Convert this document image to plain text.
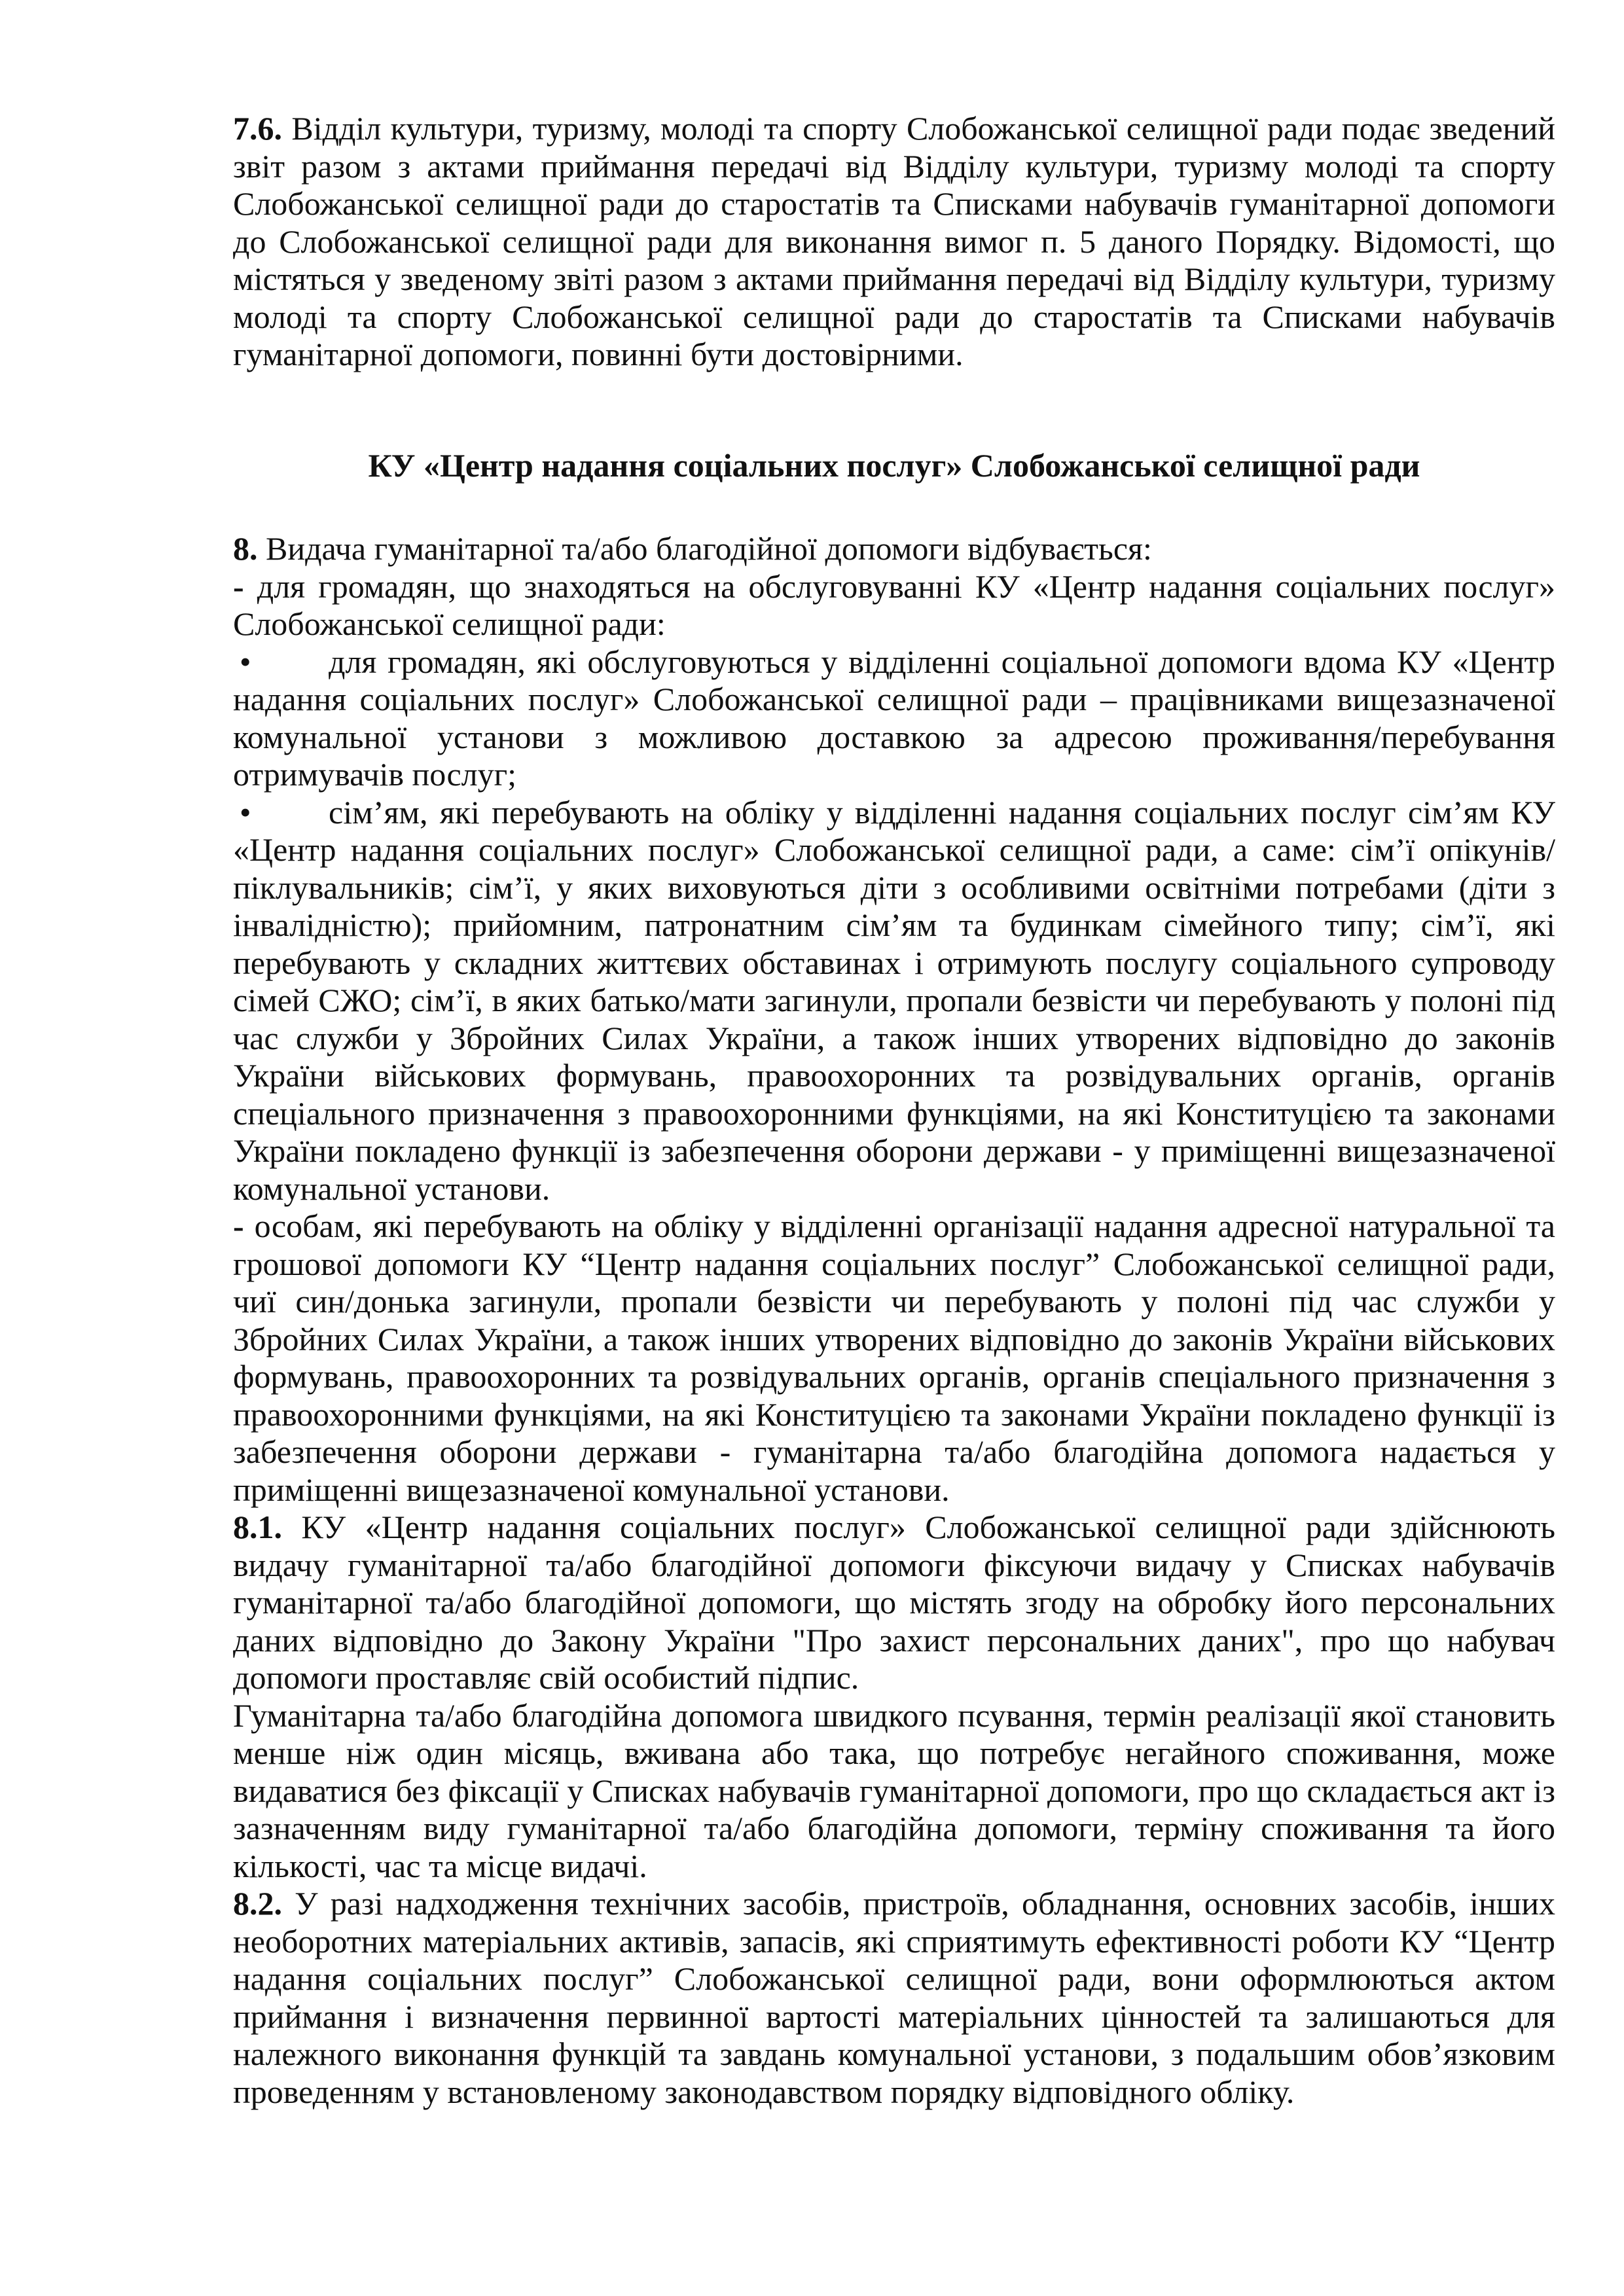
7.6. Відділ культури, туризму, молоді та спорту Слобожанської селищної ради подає зведений звіт разом з актами приймання передачі від Відділу культури, туризму молоді та спорту Слобожанської селищної ради до старостатів та Списками набувачів гуманітарної допомоги до Слобожанської селищної ради для виконання вимог п. 5 даного Порядку. Відомості, що містяться у зведеному звіті разом з актами приймання передачі від Відділу культури, туризму молоді та спорту Слобожанської селищної ради до старостатів та Списками набувачів гуманітарної допомоги, повинні бути достовірними.

КУ «Центр надання соціальних послуг» Слобожанської селищної ради

8. Видача гуманітарної та/або благодійної допомоги відбувається:

- для громадян, що знаходяться на обслуговуванні КУ «Центр надання соціальних послуг» Слобожанської селищної ради:

• для громадян, які обслуговуються у відділенні соціальної допомоги вдома КУ «Центр надання соціальних послуг» Слобожанської селищної ради – працівниками вищезазначеної комунальної установи з можливою доставкою за адресою проживання/перебування отримувачів послуг;

• сім’ям, які перебувають на обліку у відділенні надання соціальних послуг сім’ям КУ «Центр надання соціальних послуг» Слобожанської селищної ради, а саме: сім’ї опікунів/піклувальників; сім’ї, у яких виховуються діти з особливими освітніми потребами (діти з інвалідністю); прийомним, патронатним сім’ям та будинкам сімейного типу; сім’ї, які перебувають у складних життєвих обставинах і отримують послугу соціального супроводу сімей СЖО; сім’ї, в яких батько/мати загинули, пропали безвісти чи перебувають у полоні під час служби у Збройних Силах України, а також інших утворених відповідно до законів України військових формувань, правоохоронних та розвідувальних органів, органів спеціального призначення з правоохоронними функціями, на які Конституцією та законами України покладено функції із забезпечення оборони держави - у приміщенні вищезазначеної комунальної установи.

- особам, які перебувають на обліку у відділенні організації надання адресної натуральної та грошової допомоги КУ “Центр надання соціальних послуг” Слобожанської селищної ради, чиї син/донька загинули, пропали безвісти чи перебувають у полоні під час служби у Збройних Силах України, а також інших утворених відповідно до законів України військових формувань, правоохоронних та розвідувальних органів, органів спеціального призначення з правоохоронними функціями, на які Конституцією та законами України покладено функції із забезпечення оборони держави - гуманітарна та/або благодійна допомога надається у приміщенні вищезазначеної комунальної установи.

8.1. КУ «Центр надання соціальних послуг» Слобожанської селищної ради здійснюють видачу гуманітарної та/або благодійної допомоги фіксуючи видачу у Списках набувачів гуманітарної та/або благодійної допомоги, що містять згоду на обробку його персональних даних відповідно до Закону України "Про захист персональних даних", про що набувач допомоги проставляє свій особистий підпис.

Гуманітарна та/або благодійна допомога швидкого псування, термін реалізації якої становить менше ніж один місяць, вживана або така, що потребує негайного споживання, може видаватися без фіксації у Списках набувачів гуманітарної допомоги, про що складається акт із зазначенням виду гуманітарної та/або благодійна допомоги, терміну споживання та його кількості, час та місце видачі.

8.2. У разі надходження технічних засобів, пристроїв, обладнання, основних засобів, інших необоротних матеріальних активів, запасів, які сприятимуть ефективності роботи КУ “Центр надання соціальних послуг” Слобожанської селищної ради, вони оформлюються актом приймання і визначення первинної вартості матеріальних цінностей та залишаються для належного виконання функцій та завдань комунальної установи, з подальшим обов’язковим проведенням у встановленому законодавством порядку відповідного обліку.
